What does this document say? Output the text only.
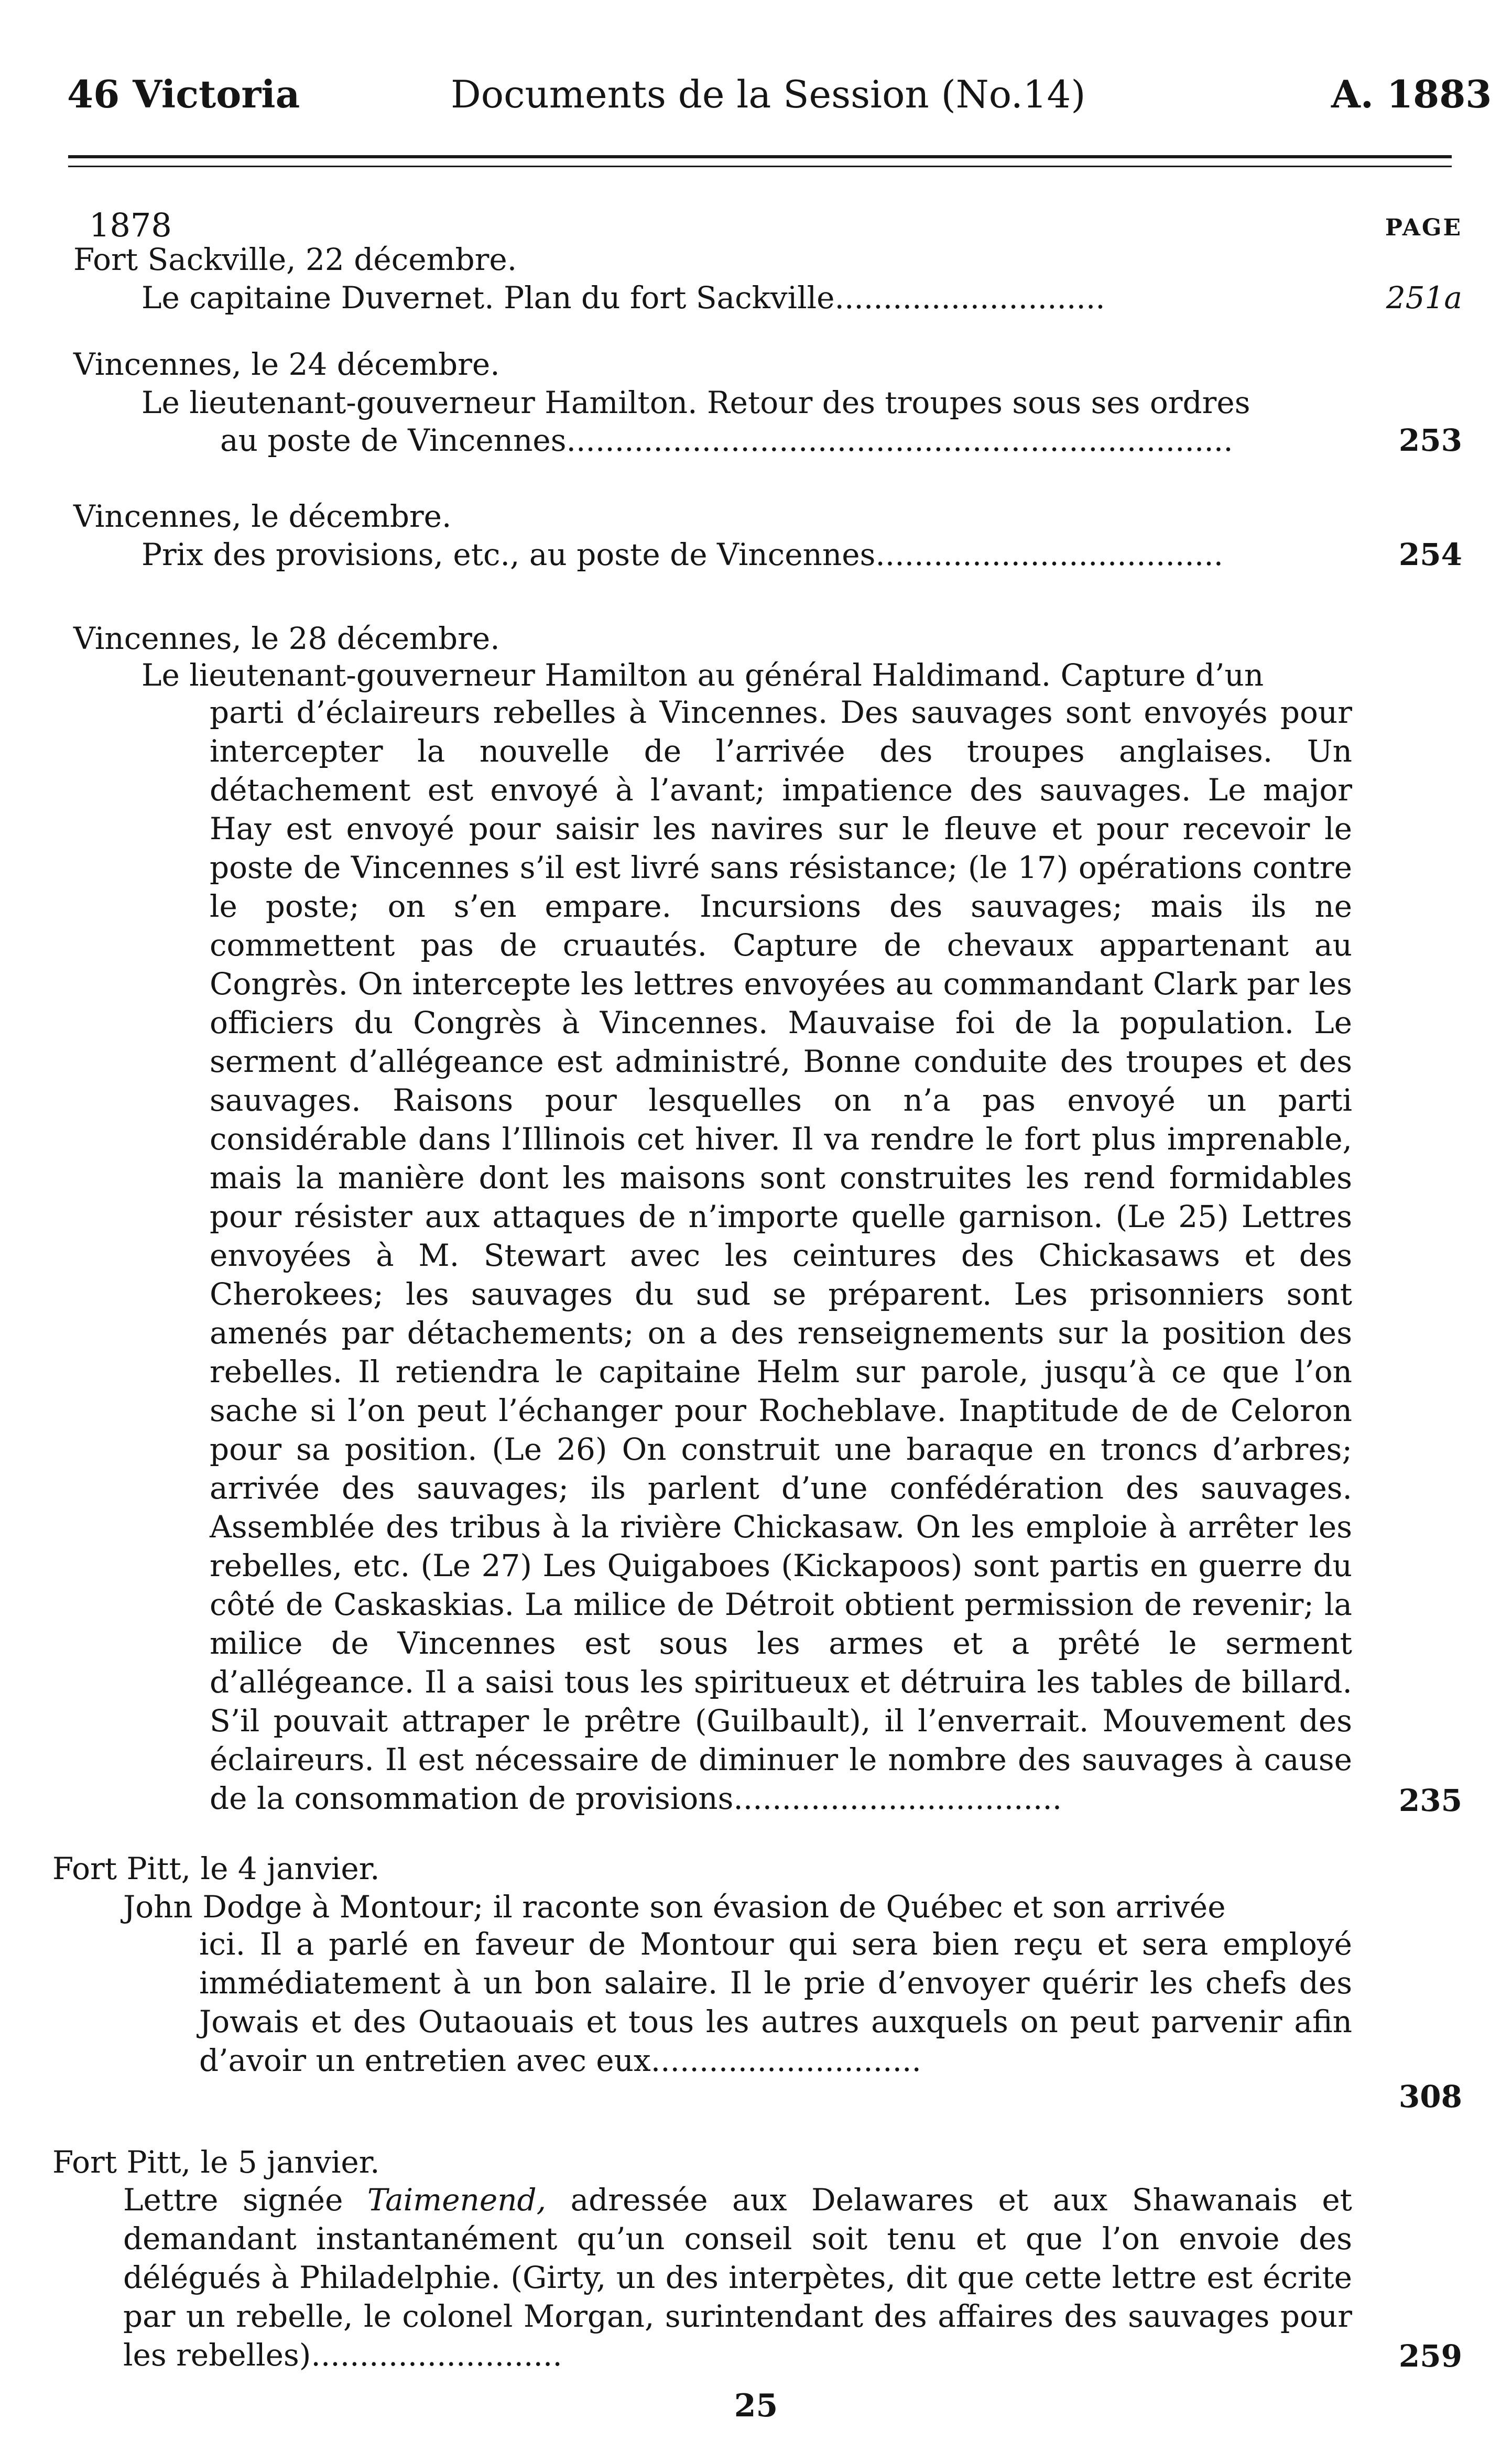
46 Victoria	Documents de la Session (No.14)	A. 1883
1878	PAGE
Fort Sackville, 22 décembre.
Le capitaine Duvernet. Plan du fort Sackville............................	251a
Vincennes, le 24 décembre.
Le lieutenant-gouverneur Hamilton. Retour des troupes sous ses ordres
au poste de Vincennes.....................................................................	253
Vincennes, le décembre.
Prix des provisions, etc., au poste de Vincennes....................................	254
Vincennes, le 28 décembre.
Le lieutenant-gouverneur Hamilton au général Haldimand. Capture d’un
parti d’éclaireurs rebelles à Vincennes. Des sauvages sont envoyés pour intercepter la nouvelle de l’arrivée des troupes anglaises. Un détachement est envoyé à l’avant; impatience des sauvages. Le major Hay est envoyé pour saisir les navires sur le fleuve et pour recevoir le poste de Vincennes s’il est livré sans résistance; (le 17) opérations contre le poste; on s’en empare. Incursions des sauvages; mais ils ne commettent pas de cruautés. Capture de chevaux appartenant au Congrès. On intercepte les lettres envoyées au commandant Clark par les officiers du Congrès à Vincennes. Mauvaise foi de la population. Le serment d’allégeance est administré, Bonne conduite des troupes et des sauvages. Raisons pour lesquelles on n’a pas envoyé un parti considérable dans l’Illinois cet hiver. Il va rendre le fort plus imprenable, mais la manière dont les maisons sont construites les rend formidables pour résister aux attaques de n’importe quelle garnison. (Le 25) Lettres envoyées à M. Stewart avec les ceintures des Chickasaws et des Cherokees; les sauvages du sud se préparent. Les prisonniers sont amenés par détachements; on a des renseignements sur la position des rebelles. Il retiendra le capitaine Helm sur parole, jusqu’à ce que l’on sache si l’on peut l’échanger pour Rocheblave. Inaptitude de de Celoron pour sa position. (Le 26) On construit une baraque en troncs d’arbres; arrivée des sauvages; ils parlent d’une confédération des sauvages. Assemblée des tribus à la rivière Chickasaw. On les emploie à arrêter les rebelles, etc. (Le 27) Les Quigaboes (Kickapoos) sont partis en guerre du côté de Caskaskias. La milice de Détroit obtient permission de revenir; la milice de Vincennes est sous les armes et a prêté le serment d’allégeance. Il a saisi tous les spiritueux et détruira les tables de billard. S’il pouvait attraper le prêtre (Guilbault), il l’enverrait. Mouvement des éclaireurs. Il est nécessaire de diminuer le nombre des sauvages à cause de la consommation de provisions..................................	235
Fort Pitt, le 4 janvier.
John Dodge à Montour; il raconte son évasion de Québec et son arrivée
ici. Il a parlé en faveur de Montour qui sera bien reçu et sera employé immédiatement à un bon salaire. Il le prie d’envoyer quérir les chefs des Jowais et des Outaouais et tous les autres auxquels on peut parvenir afin d’avoir un entretien avec eux............................
308
Fort Pitt, le 5 janvier.
Lettre signée Taimenend, adressée aux Delawares et aux Shawanais et demandant instantanément qu’un conseil soit tenu et que l’on envoie des délégués à Philadelphie. (Girty, un des interpètes, dit que cette lettre est écrite par un rebelle, le colonel Morgan, surintendant des affaires des sauvages pour les rebelles)..........................	259
25
